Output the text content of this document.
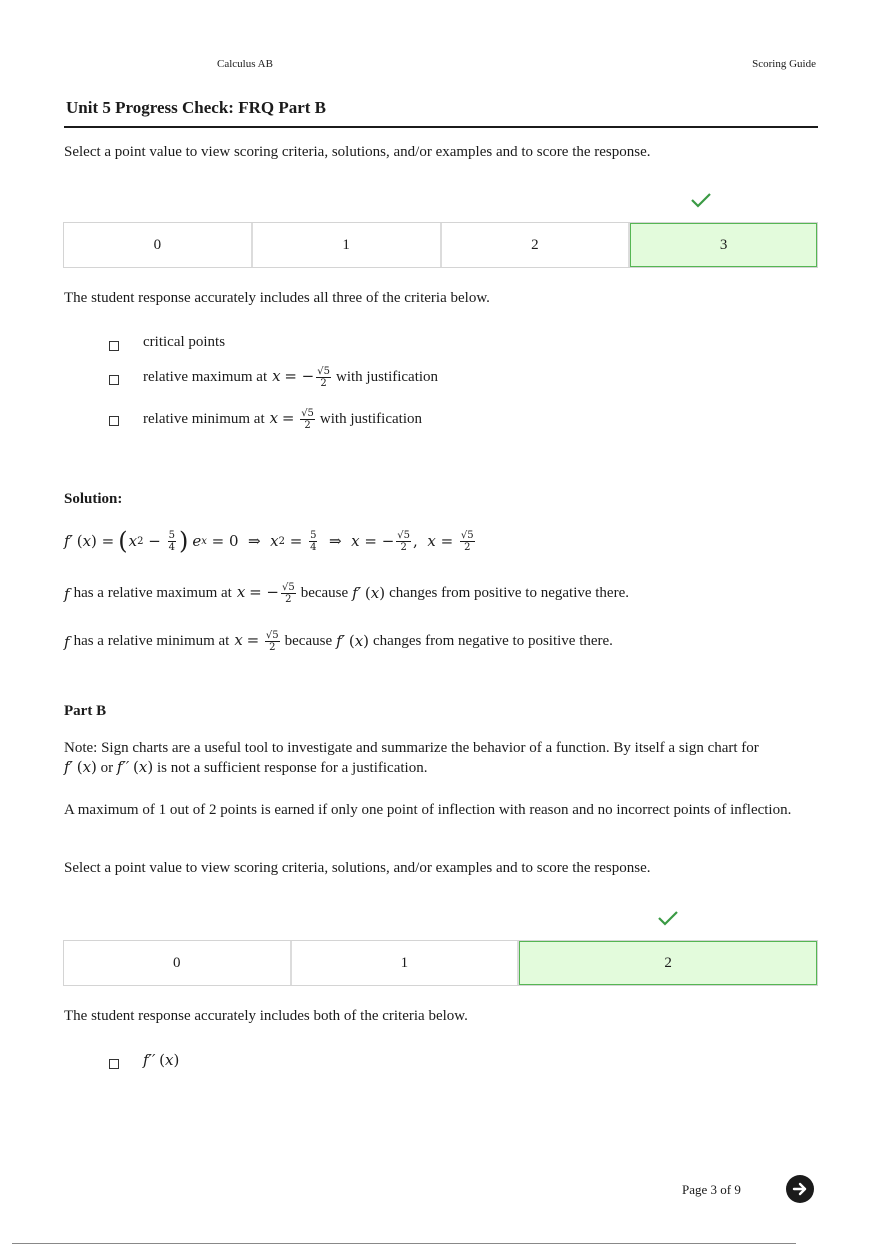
Calculus AB	Scoring Guide
Unit 5 Progress Check: FRQ Part B
Select a point value to view scoring criteria, solutions, and/or examples and to score the response.
0	1	2	3
The student response accurately includes all three of the criteria below.
critical points
relative maximum at x = − $\frac{√5}{2}$ with justification
relative minimum at $x = \frac{√5}{2}$ with justification
Solution:
f′
( x ) = ( x $2 - \frac{5}{4}$ ) e x = 0  ⇒ x $2 = \frac{5}{4}$ ⇒ x = − $\frac{√5}{2}$ , $x = \frac{√5}{2}$
f has a relative maximum at x = − $\frac{√5}{2}$ because f′ (x) changes from positive to negative there.
f has a relative minimum at $x = \frac{√5}{2}$ because f′ (x) changes from negative to positive there.
Part B
Note: Sign charts are a useful tool to investigate and summarize the behavior of a function. By itself a sign chart for
f′ (x) or f′′ (x) is not a sufficient response for a justification.
A maximum of 1 out of 2 points is earned if only one point of inflection with reason and no incorrect points of inflection.
Select a point value to view scoring criteria, solutions, and/or examples and to score the response.
0	1	2
The student response accurately includes both of the criteria below.
f′′ (x)
Page 3 of 9
